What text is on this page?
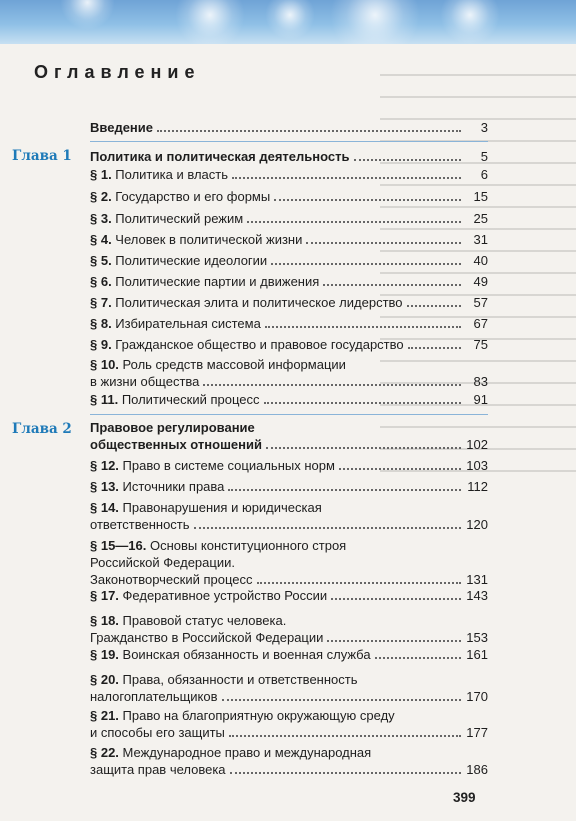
Оглавление
Глава 1
Глава 2
Введение	3
Политика и политическая деятельность	5
§ 1. Политика и власть	6
§ 2. Государство и его формы	15
§ 3. Политический режим	25
§ 4. Человек в политической жизни	31
§ 5. Политические идеологии	40
§ 6. Политические партии и движения	49
§ 7. Политическая элита и политическое лидерство	57
§ 8. Избирательная система	67
§ 9. Гражданское общество и правовое государство	75
§ 10. Роль средств массовой информации
в жизни общества	83
§ 11. Политический процесс	91
Правовое регулирование
общественных отношений	102
§ 12. Право в системе социальных норм	103
§ 13. Источники права	112
§ 14. Правонарушения и юридическая
ответственность	120
§ 15—16. Основы конституционного строя
Российской Федерации.
Законотворческий процесс	131
§ 17. Федеративное устройство России	143
§ 18. Правовой статус человека.
Гражданство в Российской Федерации	153
§ 19. Воинская обязанность и военная служба	161
§ 20. Права, обязанности и ответственность
налогоплательщиков	170
§ 21. Право на благоприятную окружающую среду
и способы его защиты	177
§ 22. Международное право и международная
защита прав человека	186
399
